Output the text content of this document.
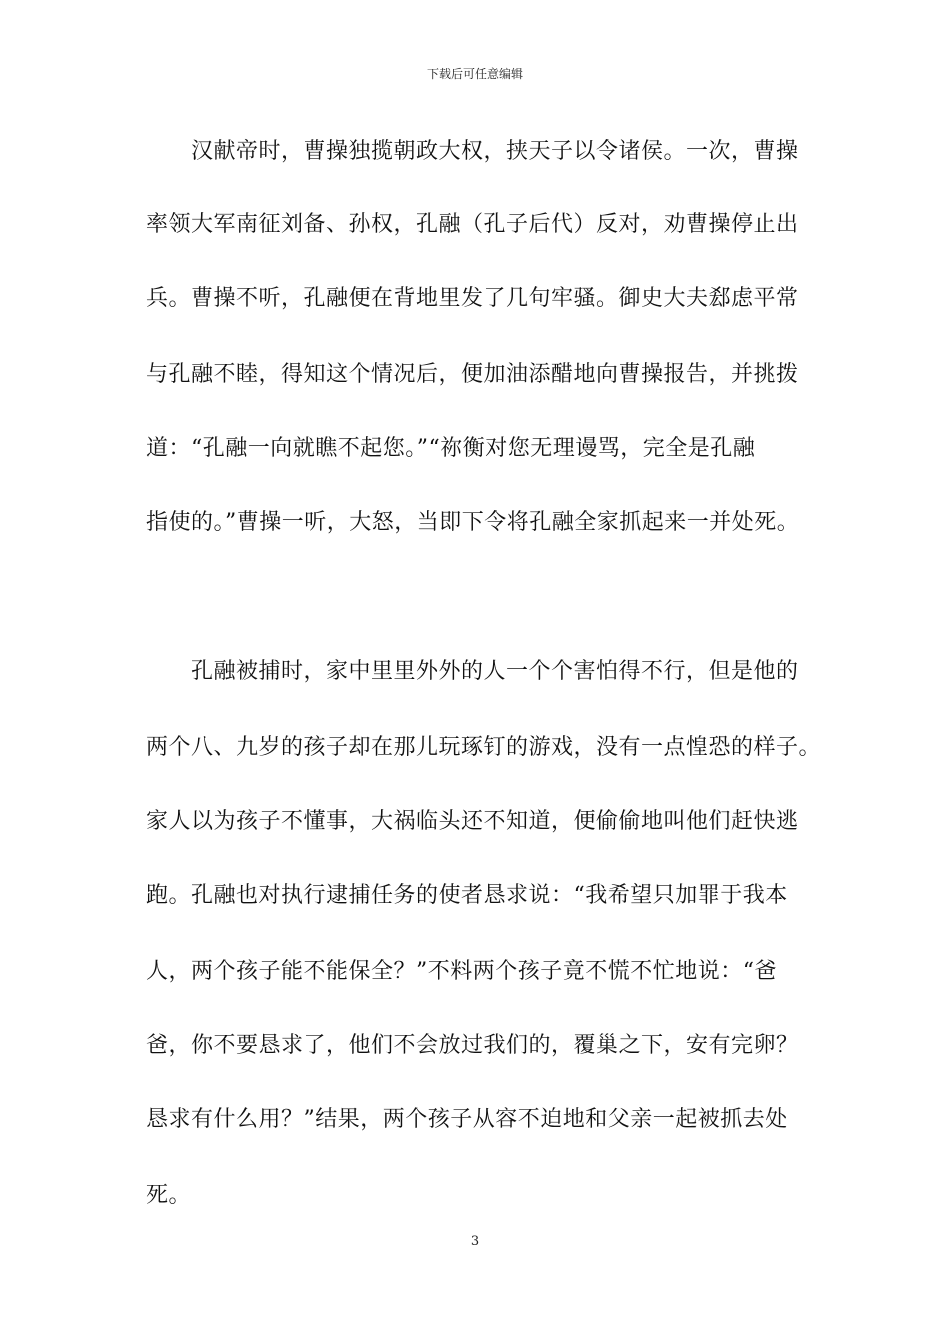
下载后可任意编辑
　　汉献帝时，曹操独揽朝政大权，挟天子以令诸侯。一次，曹操
率领大军南征刘备、孙权，孔融（孔子后代）反对，劝曹操停止出
兵。曹操不听，孔融便在背地里发了几句牢骚。御史大夫郄虑平常
与孔融不睦，得知这个情况后，便加油添醋地向曹操报告，并挑拨
道：“孔融一向就瞧不起您。”“祢衡对您无理谩骂，完全是孔融
指使的。”曹操一听，大怒，当即下令将孔融全家抓起来一并处死。
　　孔融被捕时，家中里里外外的人一个个害怕得不行，但是他的
两个八、九岁的孩子却在那儿玩琢钉的游戏，没有一点惶恐的样子。
家人以为孩子不懂事，大祸临头还不知道，便偷偷地叫他们赶快逃
跑。孔融也对执行逮捕任务的使者恳求说：“我希望只加罪于我本
人，两个孩子能不能保全？”不料两个孩子竟不慌不忙地说：“爸
爸，你不要恳求了，他们不会放过我们的，覆巢之下，安有完卵？
恳求有什么用？”结果，两个孩子从容不迫地和父亲一起被抓去处
死。
3
